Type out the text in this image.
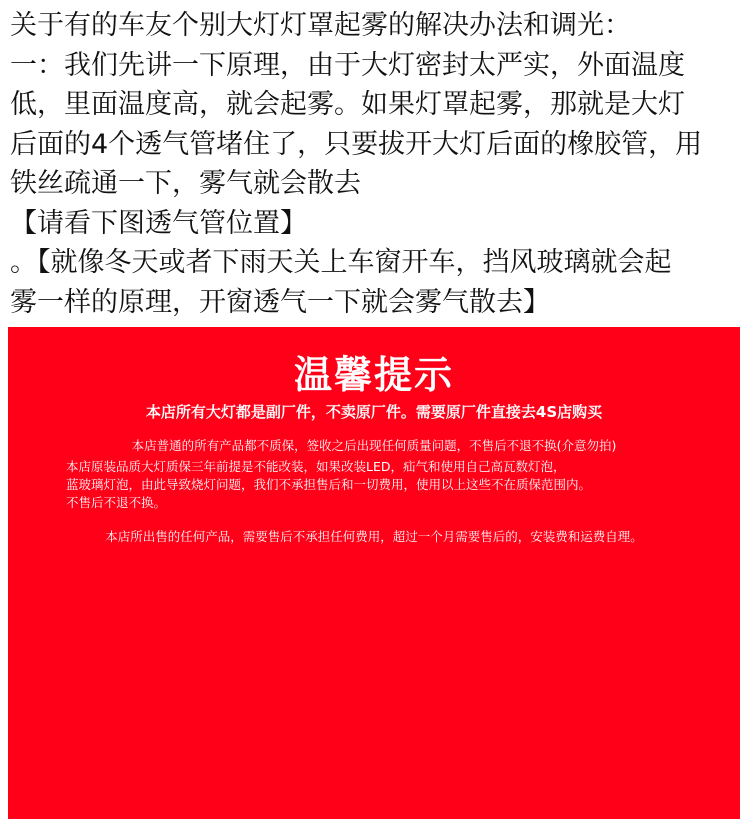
关于有的车友个别大灯灯罩起雾的解决办法和调光：

一：我们先讲一下原理，由于大灯密封太严实，外面温度

低，里面温度高，就会起雾。如果灯罩起雾，那就是大灯

后面的4个透气管堵住了，只要拔开大灯后面的橡胶管，用

铁丝疏通一下，雾气就会散去

【请看下图透气管位置】

。【就像冬天或者下雨天关上车窗开车，挡风玻璃就会起

雾一样的原理，开窗透气一下就会雾气散去】

温馨提示
本店所有大灯都是副厂件，不卖原厂件。需要原厂件直接去4S店购买
本店普通的所有产品都不质保，签收之后出现任何质量问题，不售后不退不换(介意勿拍)
本店原装品质大灯质保三年前提是不能改装，如果改装LED，疝气和使用自己高瓦数灯泡，
蓝玻璃灯泡，由此导致烧灯问题，我们不承担售后和一切费用，使用以上这些不在质保范围内。
不售后不退不换。
本店所出售的任何产品，需要售后不承担任何费用，超过一个月需要售后的，安装费和运费自理。
